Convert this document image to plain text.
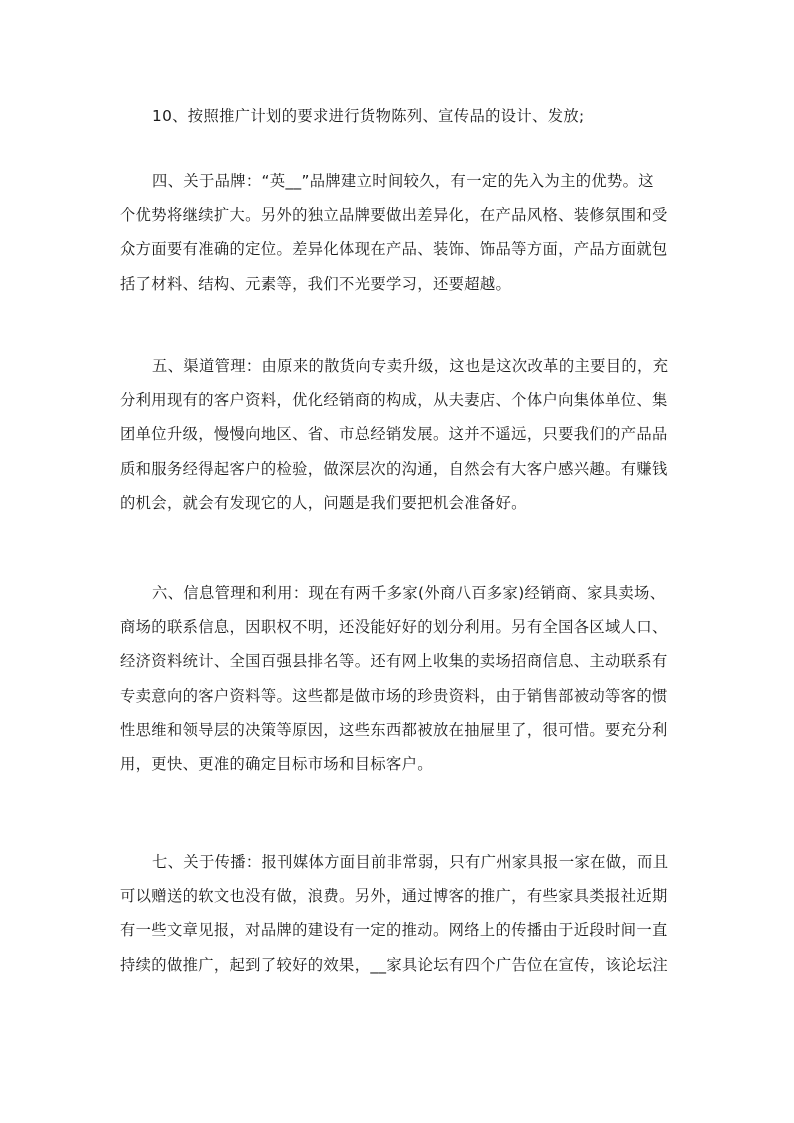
10、按照推广计划的要求进行货物陈列、宣传品的设计、发放;

四、关于品牌：“英__”品牌建立时间较久，有一定的先入为主的优势。这
个优势将继续扩大。另外的独立品牌要做出差异化，在产品风格、装修氛围和受
众方面要有准确的定位。差异化体现在产品、装饰、饰品等方面，产品方面就包
括了材料、结构、元素等，我们不光要学习，还要超越。

五、渠道管理：由原来的散货向专卖升级，这也是这次改革的主要目的，充
分利用现有的客户资料，优化经销商的构成，从夫妻店、个体户向集体单位、集
团单位升级，慢慢向地区、省、市总经销发展。这并不遥远，只要我们的产品品
质和服务经得起客户的检验，做深层次的沟通，自然会有大客户感兴趣。有赚钱
的机会，就会有发现它的人，问题是我们要把机会准备好。

六、信息管理和利用：现在有两千多家(外商八百多家)经销商、家具卖场、
商场的联系信息，因职权不明，还没能好好的划分利用。另有全国各区域人口、
经济资料统计、全国百强县排名等。还有网上收集的卖场招商信息、主动联系有
专卖意向的客户资料等。这些都是做市场的珍贵资料，由于销售部被动等客的惯
性思维和领导层的决策等原因，这些东西都被放在抽屉里了，很可惜。要充分利
用，更快、更准的确定目标市场和目标客户。

七、关于传播：报刊媒体方面目前非常弱，只有广州家具报一家在做，而且
可以赠送的软文也没有做，浪费。另外，通过博客的推广，有些家具类报社近期
有一些文章见报，对品牌的建设有一定的推动。网络上的传播由于近段时间一直
持续的做推广，起到了较好的效果，__家具论坛有四个广告位在宣传，该论坛注
